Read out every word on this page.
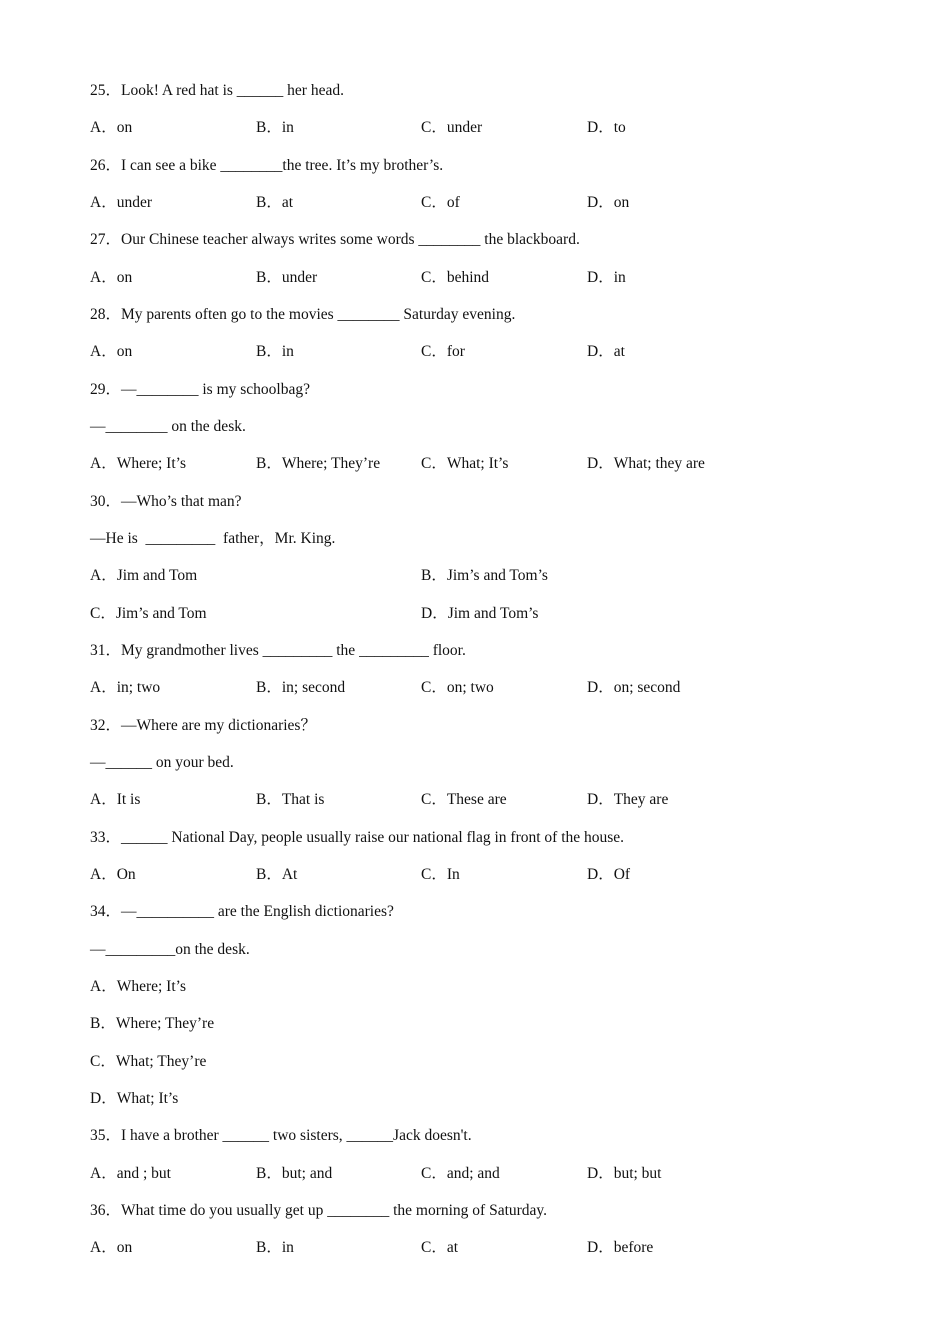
25．Look! A red hat is ______ her head.
A．on	B．in	C．under	D．to
26．I can see a bike ________the tree. It’s my brother’s.
A．under	B．at	C．of	D．on
27．Our Chinese teacher always writes some words ________ the blackboard.
A．on	B．under	C．behind	D．in
28．My parents often go to the movies ________ Saturday evening.
A．on	B．in	C．for	D．at
29．—________ is my schoolbag?
—________ on the desk.
A．Where; It’s	B．Where; They’re	C．What; It’s	D．What; they are
30．—Who’s that man?
—He is  _________  father，Mr. King.
A．Jim and Tom	B．Jim’s and Tom’s
C．Jim’s and Tom	D．Jim and Tom’s
31．My grandmother lives _________ the _________ floor.
A．in; two	B．in; second	C．on; two	D．on; second
32．—Where are my dictionaries？
—______ on your bed.
A．It is	B．That is	C．These are	D．They are
33．______ National Day, people usually raise our national flag in front of the house.
A．On	B．At	C．In	D．Of
34．—__________ are the English dictionaries?
—_________on the desk.
A．Where; It’s
B．Where; They’re
C．What; They’re
D．What; It’s
35．I have a brother ______ two sisters, ______Jack doesn't.
A．and ; but	B．but; and	C．and; and	D．but; but
36．What time do you usually get up ________ the morning of Saturday.
A．on	B．in	C．at	D．before
